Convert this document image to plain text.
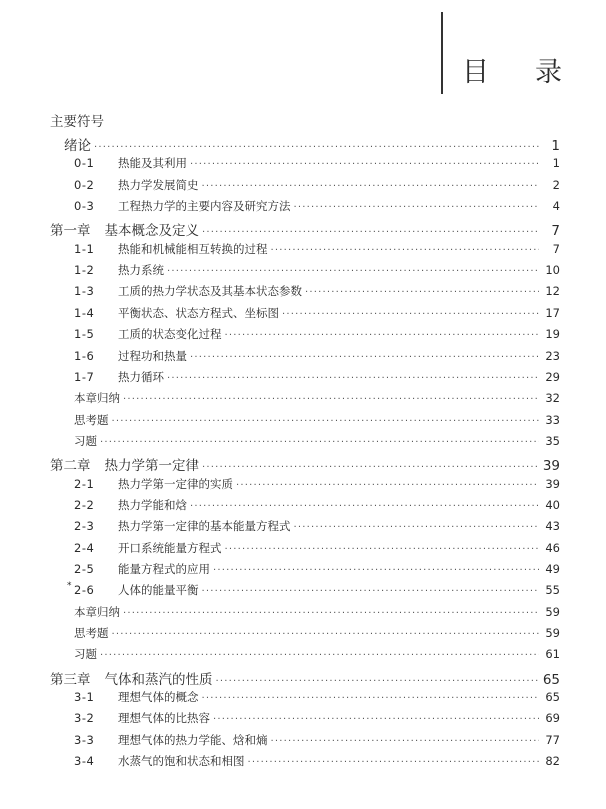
目 录
主要符号
绪论 ·····	1
0-1	热能及其利用 ·····	1
0-2	热力学发展简史 ·····	2
0-3	工程热力学的主要内容及研究方法 ·····	4
第一章 基本概念及定义 ·····	7
1-1	热能和机械能相互转换的过程 ·····	7
1-2	热力系统 ·····	10
1-3	工质的热力学状态及其基本状态参数 ·····	12
1-4	平衡状态、状态方程式、坐标图 ·····	17
1-5	工质的状态变化过程 ·····	19
1-6	过程功和热量 ·····	23
1-7	热力循环 ·····	29
本章归纳 ·····	32
思考题 ·····	33
习题 ·····	35
第二章 热力学第一定律 ·····	39
2-1	热力学第一定律的实质 ·····	39
2-2	热力学能和焓 ·····	40
2-3	热力学第一定律的基本能量方程式 ·····	43
2-4	开口系统能量方程式 ·····	46
2-5	能量方程式的应用 ·····	49
* 2-6	人体的能量平衡 ·····	55
本章归纳 ·····	59
思考题 ·····	59
习题 ·····	61
第三章 气体和蒸汽的性质 ·····	65
3-1	理想气体的概念 ·····	65
3-2	理想气体的比热容 ·····	69
3-3	理想气体的热力学能、焓和熵 ·····	77
3-4	水蒸气的饱和状态和相图 ·····	82
